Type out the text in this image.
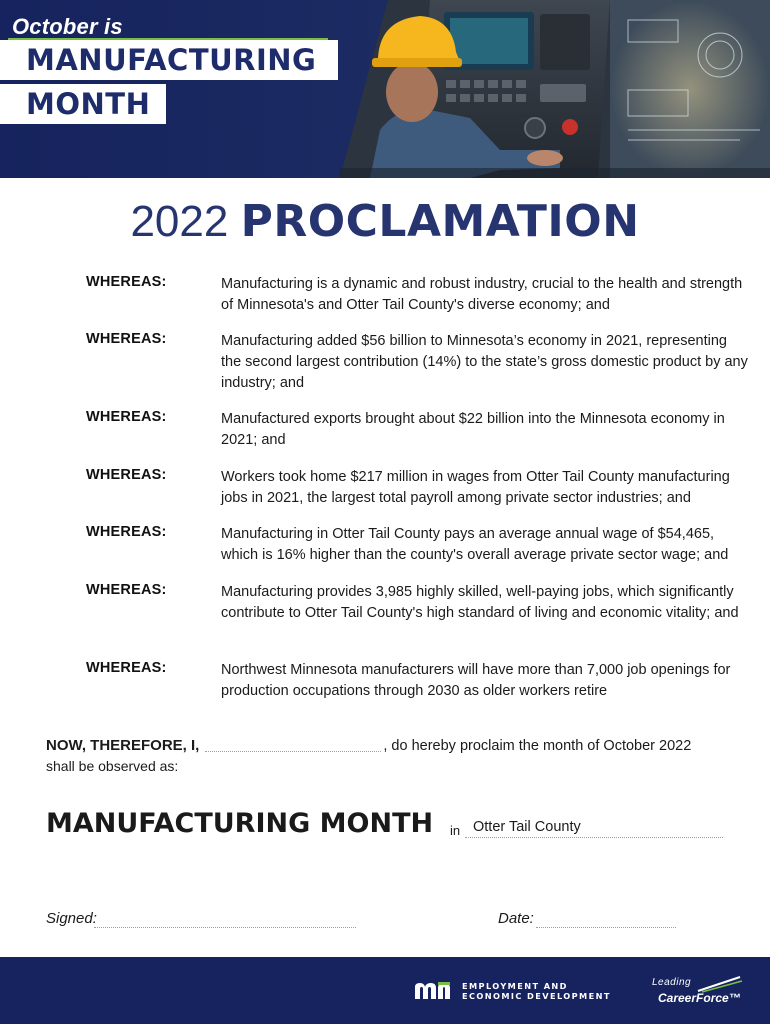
October is
MANUFACTURING
MONTH
2022 PROCLAMATION
WHEREAS:	Manufacturing is a dynamic and robust industry, crucial to the health and strength of Minnesota's and Otter Tail County's diverse economy; and
WHEREAS:	Manufacturing added $56 billion to Minnesota’s economy in 2021, representing the second largest contribution (14%) to the state’s gross domestic product by any industry; and
WHEREAS:	Manufactured exports brought about $22 billion into the Minnesota economy in 2021; and
WHEREAS:	Workers took home $217 million in wages from Otter Tail County manufacturing jobs in 2021, the largest total payroll among private sector industries; and
WHEREAS:	Manufacturing in Otter Tail County pays an average annual wage of $54,465, which is 16% higher than the county's overall average private sector wage; and
WHEREAS:	Manufacturing provides 3,985 highly skilled, well-paying jobs, which significantly contribute to Otter Tail County's high standard of living and economic vitality; and
WHEREAS:	Northwest Minnesota manufacturers will have more than 7,000 job openings for production occupations through 2030 as older workers retire
NOW, THEREFORE, I,	, do hereby proclaim the month of October 2022
shall be observed as:
MANUFACTURING MONTH in Otter Tail County
Signed:	Date:
EMPLOYMENT AND
ECONOMIC DEVELOPMENT
Leading
CareerForce™
